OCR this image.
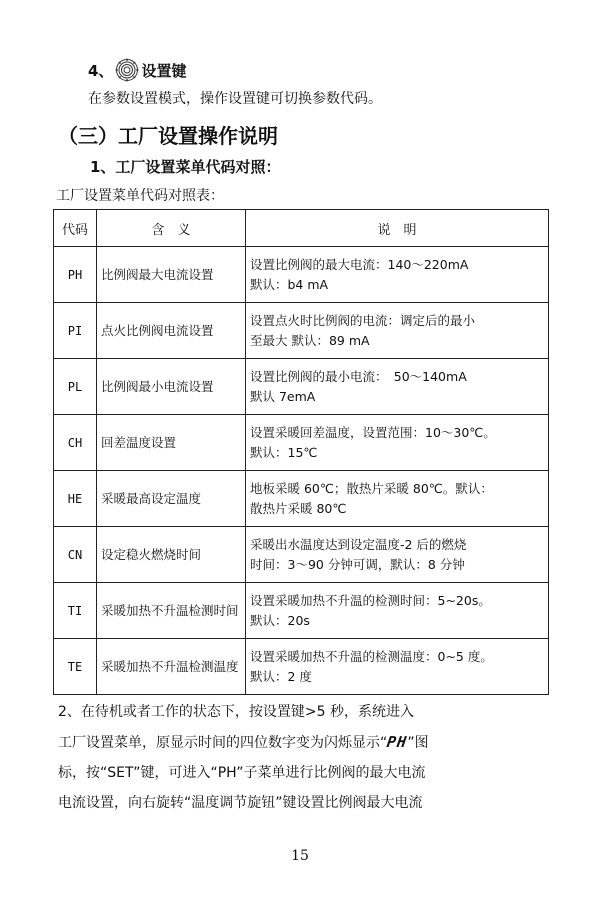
4、 设置键
在参数设置模式，操作设置键可切换参数代码。
（三）工厂设置操作说明
1、工厂设置菜单代码对照：
工厂设置菜单代码对照表：
代码	含　义	说　明
PH	比例阀最大电流设置	设置比例阀的最大电流：140～220mA
默认：b4 mA

PI	点火比例阀电流设置	设置点火时比例阀的电流：调定后的最小
至最大 默认：89 mA

PL	比例阀最小电流设置	设置比例阀的最小电流：　50～140mA
默认 7emA

CH	回差温度设置	设置采暖回差温度，设置范围：10～30℃。
默认：15℃

HE	采暖最高设定温度	地板采暖 60℃；散热片采暖 80℃。默认：
散热片采暖 80℃

CN	设定稳火燃烧时间	采暖出水温度达到设定温度-2 后的燃烧
时间：3～90 分钟可调，默认：8 分钟

TI	采暖加热不升温检测时间	设置采暖加热不升温的检测时间：5~20s。
默认：20s

TE	采暖加热不升温检测温度	设置采暖加热不升温的检测温度：0~5 度。
默认：2 度

2、在待机或者工作的状态下，按设置键>5 秒，系统进入

工厂设置菜单，原显示时间的四位数字变为闪烁显示“PH”图

标，按“SET”键，可进入“PH”子菜单进行比例阀的最大电流

电流设置，向右旋转“温度调节旋钮”键设置比例阀最大电流

15
